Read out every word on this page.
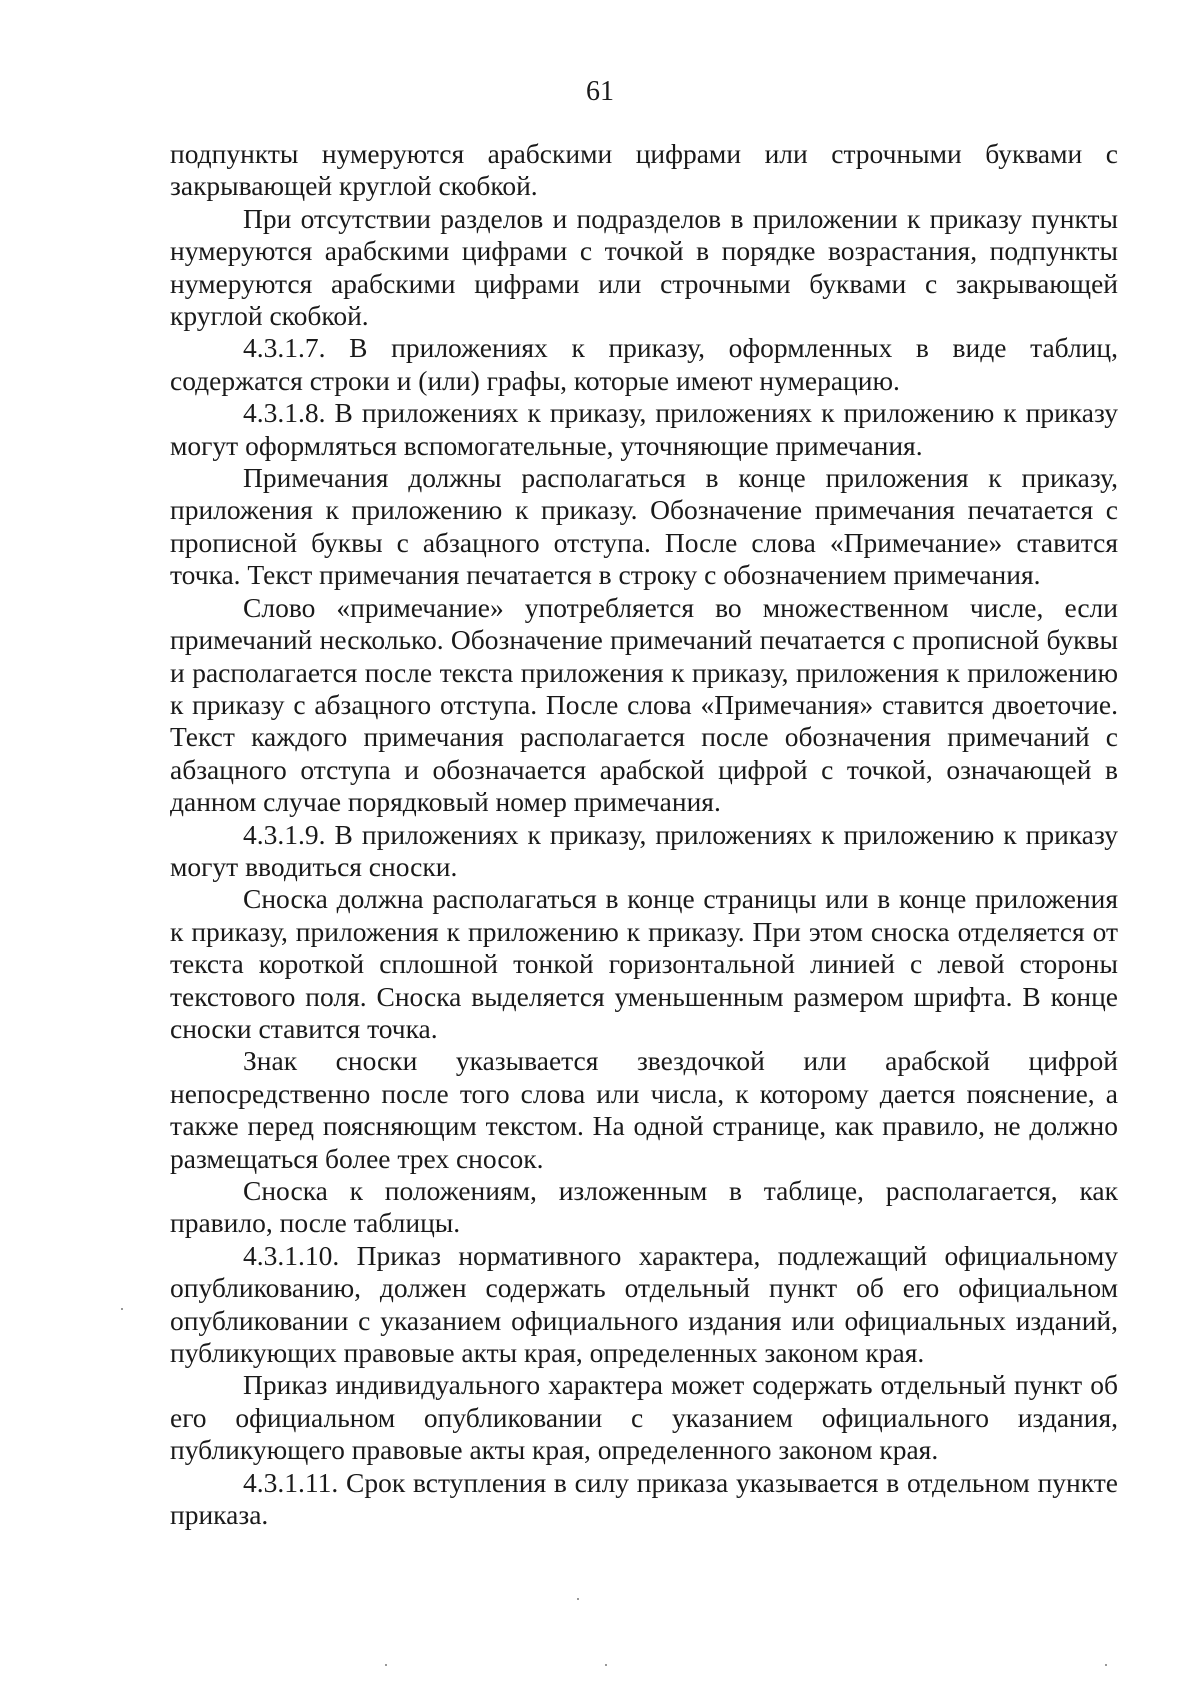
61

подпункты нумеруются арабскими цифрами или строчными буквами с закрывающей круглой скобкой.

При отсутствии разделов и подразделов в приложении к приказу пункты нумеруются арабскими цифрами с точкой в порядке возрастания, подпункты нумеруются арабскими цифрами или строчными буквами с закрывающей круглой скобкой.

4.3.1.7. В приложениях к приказу, оформленных в виде таблиц, содержатся строки и (или) графы, которые имеют нумерацию.

4.3.1.8. В приложениях к приказу, приложениях к приложению к приказу могут оформляться вспомогательные, уточняющие примечания.

Примечания должны располагаться в конце приложения к приказу, приложения к приложению к приказу. Обозначение примечания печатается с прописной буквы с абзацного отступа. После слова «Примечание» ставится точка. Текст примечания печатается в строку с обозначением примечания.

Слово «примечание» употребляется во множественном числе, если примечаний несколько. Обозначение примечаний печатается с прописной буквы и располагается после текста приложения к приказу, приложения к приложению к приказу с абзацного отступа. После слова «Примечания» ставится двоеточие. Текст каждого примечания располагается после обозначения примечаний с абзацного отступа и обозначается арабской цифрой с точкой, означающей в данном случае порядковый номер примечания.

4.3.1.9. В приложениях к приказу, приложениях к приложению к приказу могут вводиться сноски.

Сноска должна располагаться в конце страницы или в конце приложения к приказу, приложения к приложению к приказу. При этом сноска отделяется от текста короткой сплошной тонкой горизонтальной линией с левой стороны текстового поля. Сноска выделяется уменьшенным размером шрифта. В конце сноски ставится точка.

Знак сноски указывается звездочкой или арабской цифрой непосредственно после того слова или числа, к которому дается пояснение, а также перед поясняющим текстом. На одной странице, как правило, не должно размещаться более трех сносок.

Сноска к положениям, изложенным в таблице, располагается, как правило, после таблицы.

4.3.1.10. Приказ нормативного характера, подлежащий официальному опубликованию, должен содержать отдельный пункт об его официальном опубликовании с указанием официального издания или официальных изданий, публикующих правовые акты края, определенных законом края.

Приказ индивидуального характера может содержать отдельный пункт об его официальном опубликовании с указанием официального издания, публикующего правовые акты края, определенного законом края.

4.3.1.11. Срок вступления в силу приказа указывается в отдельном пункте приказа.
